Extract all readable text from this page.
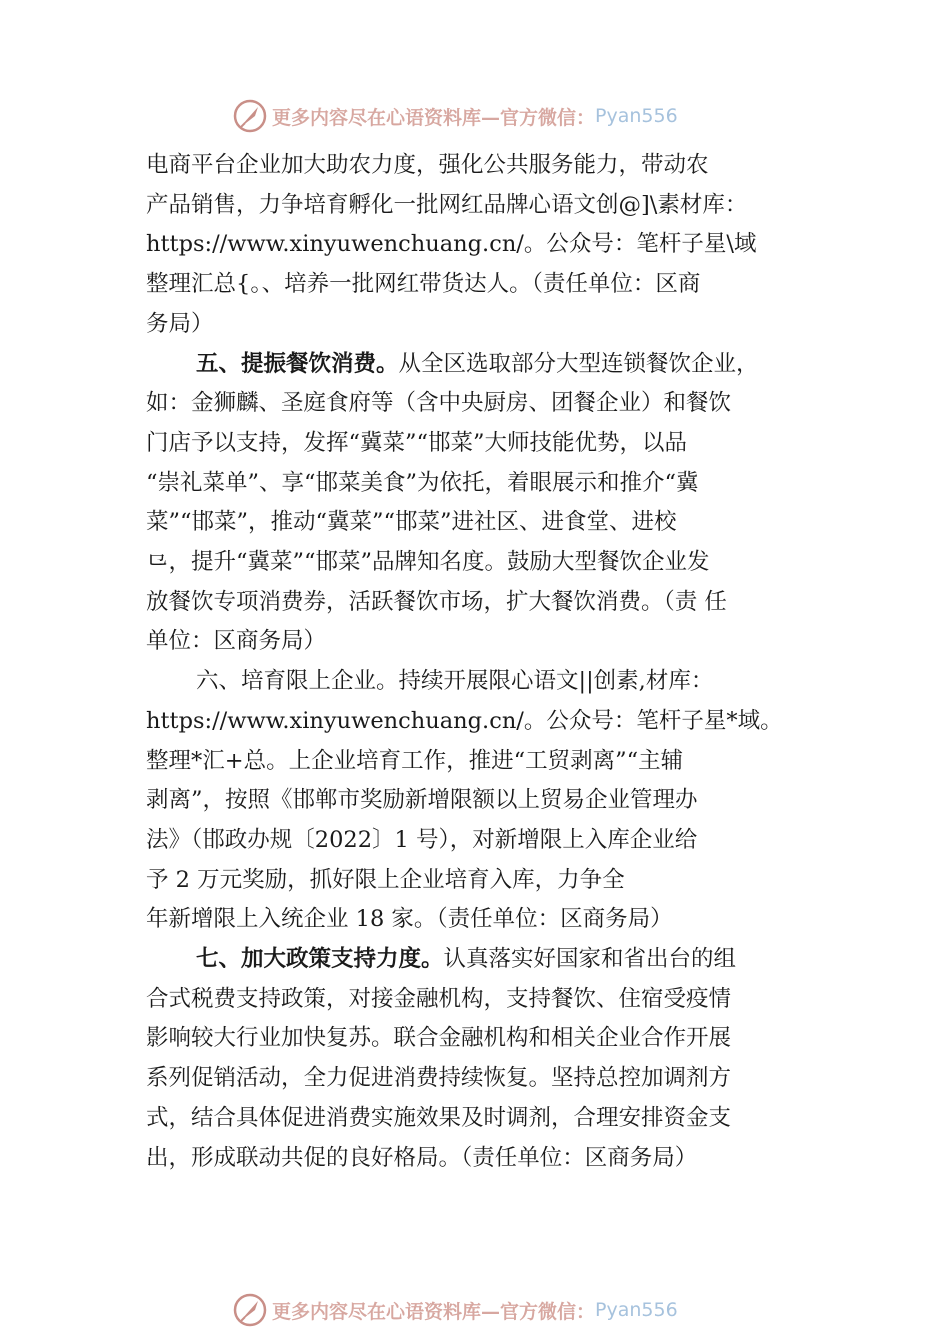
更多内容尽在心语资料库—官方微信： Pyan556

电商平台企业加大助农力度，强化公共服务能力，带动农

产品销售，力争培育孵化一批网红品牌心语文创@]\素材库：

https://www.xinyuwenchuang.cn/。公众号：笔杆子星\域

整理汇总{。、培养一批网红带货达人。（责任单位：区商

务局）

五、提振餐饮消费。从全区选取部分大型连锁餐饮企业，

如：金狮麟、圣庭食府等（含中央厨房、团餐企业）和餐饮

门店予以支持，发挥“冀菜”“邯菜”大师技能优势，以品

“崇礼菜单”、享“邯菜美食”为依托，着眼展示和推介“冀

菜”“邯菜”，推动“冀菜”“邯菜”进社区、进食堂、进校

⺋，提升“冀菜”“邯菜”品牌知名度。鼓励大型餐饮企业发

放餐饮专项消费券，活跃餐饮市场，扩大餐饮消费。（责 任

单位：区商务局）

六、培育限上企业。持续开展限心语文||创素,材库：

https://www.xinyuwenchuang.cn/。公众号：笔杆子星*域。

整理*汇+总。上企业培育工作，推进“工贸剥离”“主辅

剥离”，按照《邯郸市奖励新增限额以上贸易企业管理办

法》（邯政办规〔2022〕1 号），对新增限上入库企业给

予 2 万元奖励，抓好限上企业培育入库，力争全

年新增限上入统企业 18 家。（责任单位：区商务局）

七、加大政策支持力度。认真落实好国家和省出台的组

合式税费支持政策，对接金融机构，支持餐饮、住宿受疫情

影响较大行业加快复苏。联合金融机构和相关企业合作开展

系列促销活动，全力促进消费持续恢复。坚持总控加调剂方

式，结合具体促进消费实施效果及时调剂，合理安排资金支

出，形成联动共促的良好格局。（责任单位：区商务局）

更多内容尽在心语资料库—官方微信： Pyan556
